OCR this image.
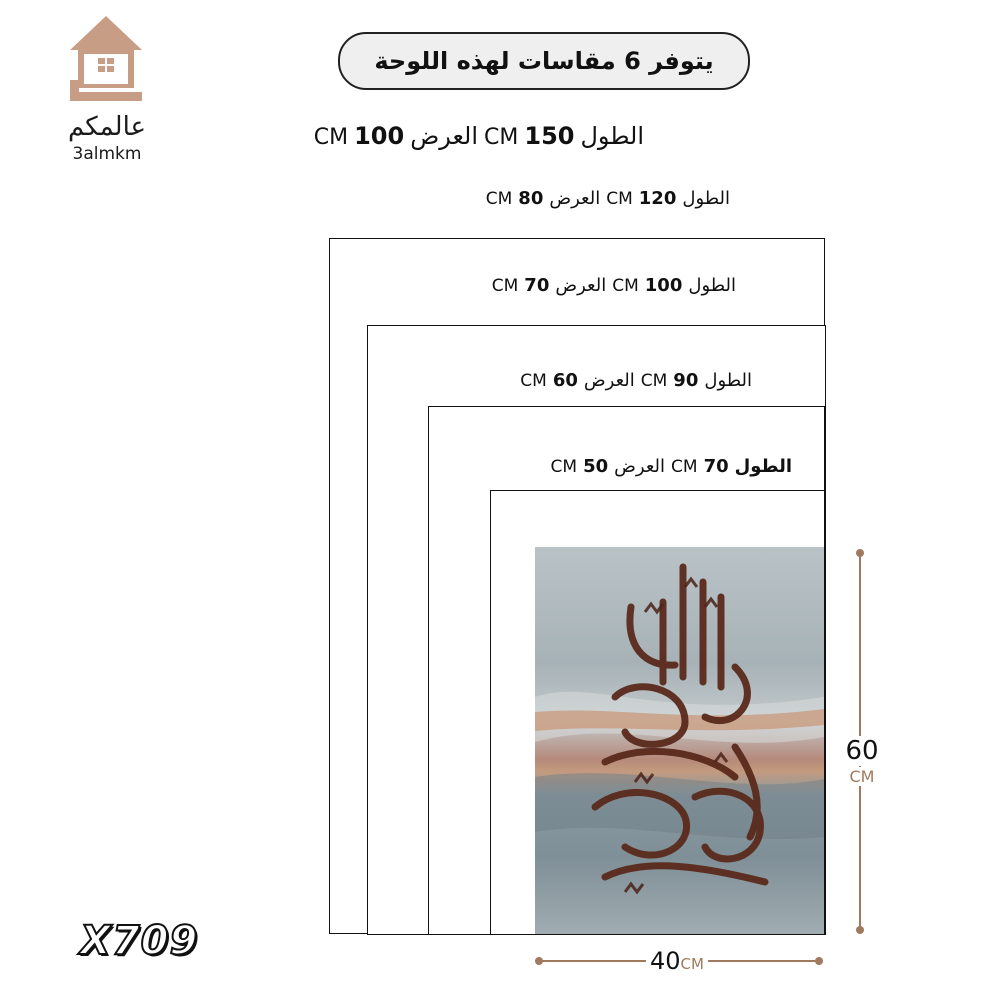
عالمكم
3almkm
يتوفر 6 مقاسات لهذه اللوحة
الطول
150
CM
العرض
100
CM
الطول
120
CM
العرض
80
CM
الطول
100
CM
العرض
70
CM
الطول
90
CM
العرض
60
CM
الطول
70
CM
العرض
50
CM
60
CM
40CM
X709
